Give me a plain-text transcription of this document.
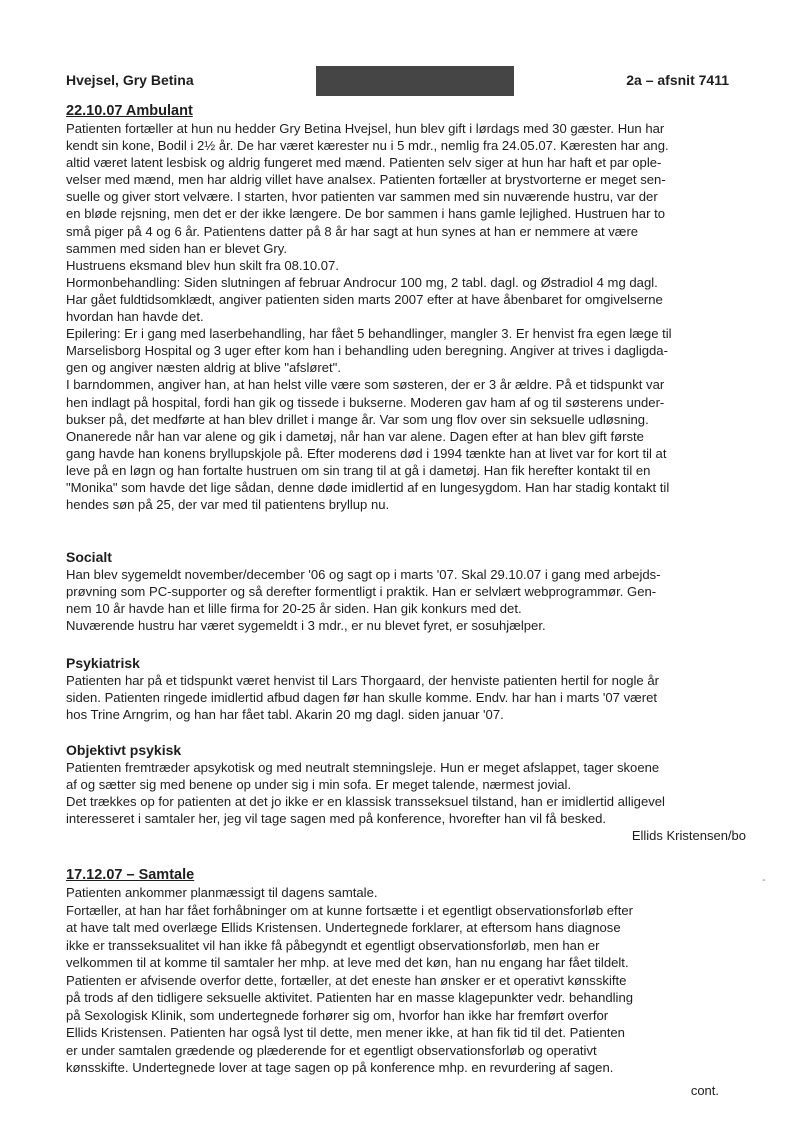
Hvejsel, Gry Betina	2a – afsnit 7411

22.10.07 Ambulant

Patienten fortæller at hun nu hedder Gry Betina Hvejsel, hun blev gift i lørdags med 30 gæster. Hun har
kendt sin kone, Bodil i 2½ år. De har været kærester nu i 5 mdr., nemlig fra 24.05.07. Kæresten har ang.
altid været latent lesbisk og aldrig fungeret med mænd. Patienten selv siger at hun har haft et par ople-
velser med mænd, men har aldrig villet have analsex. Patienten fortæller at brystvorterne er meget sen-
suelle og giver stort velvære. I starten, hvor patienten var sammen med sin nuværende hustru, var der
en bløde rejsning, men det er der ikke længere. De bor sammen i hans gamle lejlighed. Hustruen har to
små piger på 4 og 6 år. Patientens datter på 8 år har sagt at hun synes at han er nemmere at være
sammen med siden han er blevet Gry.

Hustruens eksmand blev hun skilt fra 08.10.07.

Hormonbehandling: Siden slutningen af februar Androcur 100 mg, 2 tabl. dagl. og Østradiol 4 mg dagl.
Har gået fuldtidsomklædt, angiver patienten siden marts 2007 efter at have åbenbaret for omgivelserne
hvordan han havde det.

Epilering: Er i gang med laserbehandling, har fået 5 behandlinger, mangler 3. Er henvist fra egen læge til
Marselisborg Hospital og 3 uger efter kom han i behandling uden beregning. Angiver at trives i dagligda-
gen og angiver næsten aldrig at blive "afsløret".

I barndommen, angiver han, at han helst ville være som søsteren, der er 3 år ældre. På et tidspunkt var
hen indlagt på hospital, fordi han gik og tissede i bukserne. Moderen gav ham af og til søsterens under-
bukser på, det medførte at han blev drillet i mange år. Var som ung flov over sin seksuelle udløsning.
Onanerede når han var alene og gik i dametøj, når han var alene. Dagen efter at han blev gift første
gang havde han konens bryllupskjole på. Efter moderens død i 1994 tænkte han at livet var for kort til at
leve på en løgn og han fortalte hustruen om sin trang til at gå i dametøj. Han fik herefter kontakt til en
"Monika" som havde det lige sådan, denne døde imidlertid af en lungesygdom. Han har stadig kontakt til
hendes søn på 25, der var med til patientens bryllup nu.

Socialt

Han blev sygemeldt november/december '06 og sagt op i marts '07. Skal 29.10.07 i gang med arbejds-
prøvning som PC-supporter og så derefter formentligt i praktik. Han er selvlært webprogrammør. Gen-
nem 10 år havde han et lille firma for 20-25 år siden. Han gik konkurs med det.
Nuværende hustru har været sygemeldt i 3 mdr., er nu blevet fyret, er sosuhjælper.

Psykiatrisk

Patienten har på et tidspunkt været henvist til Lars Thorgaard, der henviste patienten hertil for nogle år
siden. Patienten ringede imidlertid afbud dagen før han skulle komme. Endv. har han i marts '07 været
hos Trine Arngrim, og han har fået tabl. Akarin 20 mg dagl. siden januar '07.

Objektivt psykisk

Patienten fremtræder apsykotisk og med neutralt stemningsleje. Hun er meget afslappet, tager skoene
af og sætter sig med benene op under sig i min sofa. Er meget talende, nærmest jovial.
Det trækkes op for patienten at det jo ikke er en klassisk transseksuel tilstand, han er imidlertid alligevel
interesseret i samtaler her, jeg vil tage sagen med på konference, hvorefter han vil få besked.

Ellids Kristensen/bo

-

17.12.07 – Samtale

Patienten ankommer planmæssigt til dagens samtale.
Fortæller, at han har fået forhåbninger om at kunne fortsætte i et egentligt observationsforløb efter
at have talt med overlæge Ellids Kristensen. Undertegnede forklarer, at eftersom hans diagnose
ikke er transseksualitet vil han ikke få påbegyndt et egentligt observationsforløb, men han er
velkommen til at komme til samtaler her mhp. at leve med det køn, han nu engang har fået tildelt.
Patienten er afvisende overfor dette, fortæller, at det eneste han ønsker er et operativt kønsskifte
på trods af den tidligere seksuelle aktivitet. Patienten har en masse klagepunkter vedr. behandling
på Sexologisk Klinik, som undertegnede forhører sig om, hvorfor han ikke har fremført overfor
Ellids Kristensen. Patienten har også lyst til dette, men mener ikke, at han fik tid til det. Patienten
er under samtalen grædende og plæderende for et egentligt observationsforløb og operativt
kønsskifte. Undertegnede lover at tage sagen op på konference mhp. en revurdering af sagen.

cont.
